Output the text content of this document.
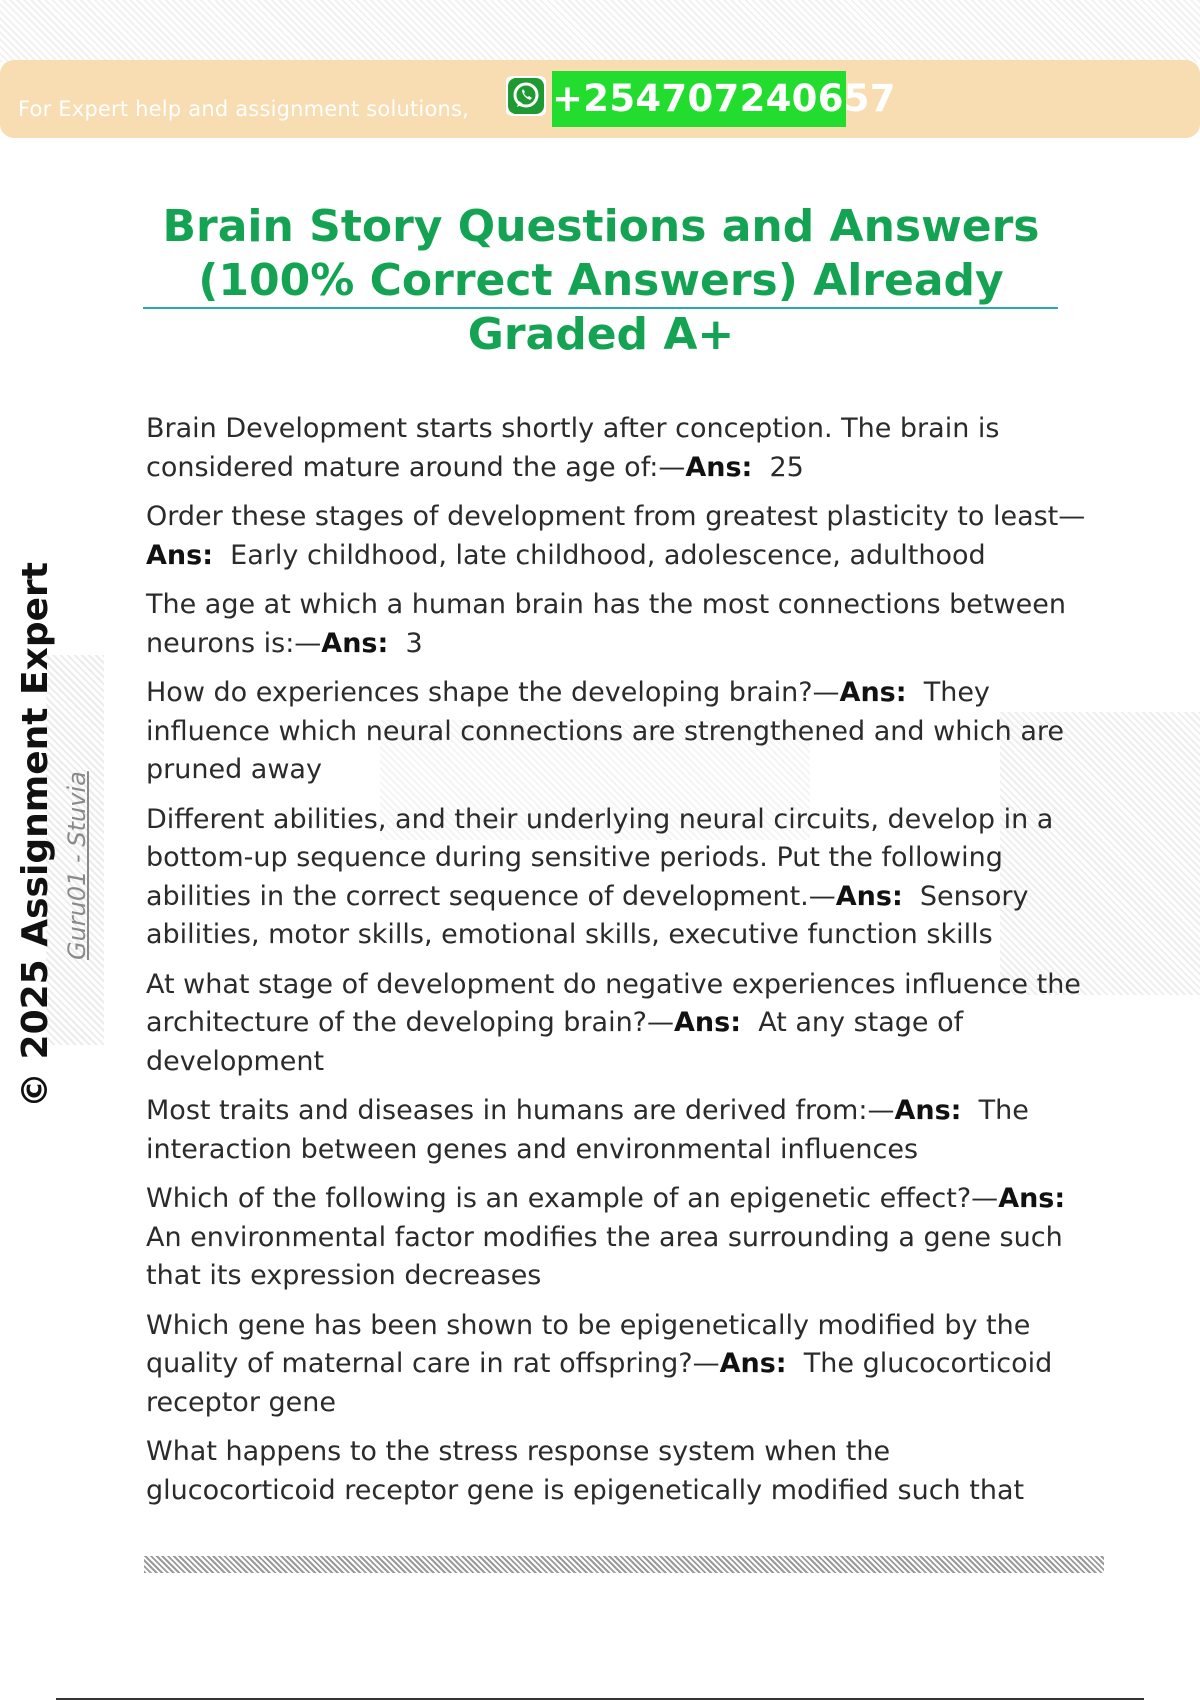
For Expert help and assignment solutions, +254707240657
Brain Story Questions and Answers (100% Correct Answers) Already Graded A+
© 2025 Assignment Expert Guru01 - Stuvia

Brain Development starts shortly after conception. The brain is considered mature around the age of:—Ans: 25

Order these stages of development from greatest plasticity to least—Ans: Early childhood, late childhood, adolescence, adulthood

The age at which a human brain has the most connections between neurons is:—Ans: 3

How do experiences shape the developing brain?—Ans: They influence which neural connections are strengthened and which are pruned away

Different abilities, and their underlying neural circuits, develop in a bottom-up sequence during sensitive periods. Put the following abilities in the correct sequence of development.—Ans: Sensory abilities, motor skills, emotional skills, executive function skills

At what stage of development do negative experiences influence the architecture of the developing brain?—Ans: At any stage of development

Most traits and diseases in humans are derived from:—Ans: The interaction between genes and environmental influences

Which of the following is an example of an epigenetic effect?—Ans:  An environmental factor modifies the area surrounding a gene such that its expression decreases

Which gene has been shown to be epigenetically modified by the quality of maternal care in rat offspring?—Ans: The glucocorticoid receptor gene

What happens to the stress response system when the glucocorticoid receptor gene is epigenetically modified such that
